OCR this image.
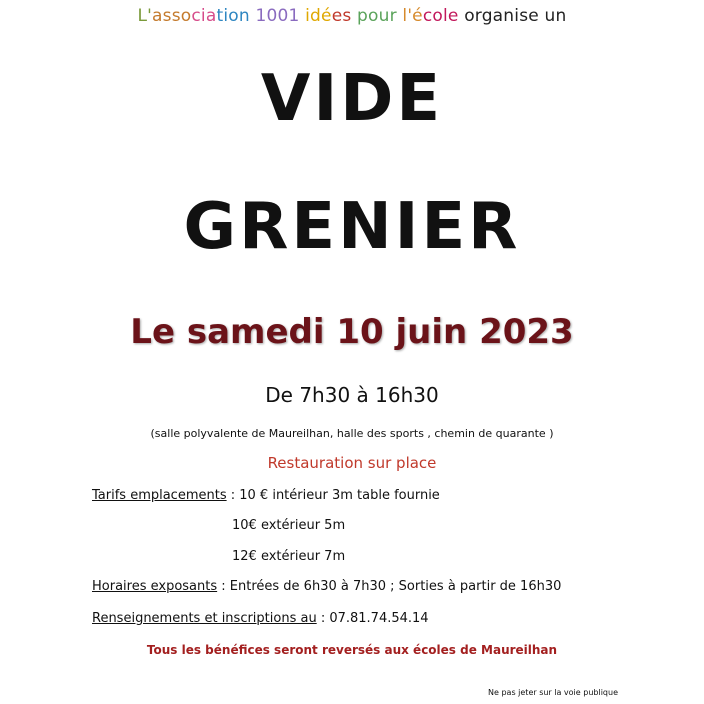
L'association 1001 idées pour l'école organise un
VIDE
GRENIER
Le samedi 10 juin 2023
De 7h30 à 16h30
(salle polyvalente de Maureilhan, halle des sports , chemin de quarante )
Restauration sur place
Tarifs emplacements : 10 € intérieur 3m table fournie
10€ extérieur 5m
12€ extérieur 7m
Horaires exposants : Entrées de 6h30 à 7h30 ; Sorties à partir de 16h30
Renseignements et inscriptions au : 07.81.74.54.14
Tous les bénéfices seront reversés aux écoles de Maureilhan
Ne pas jeter sur la voie publique
